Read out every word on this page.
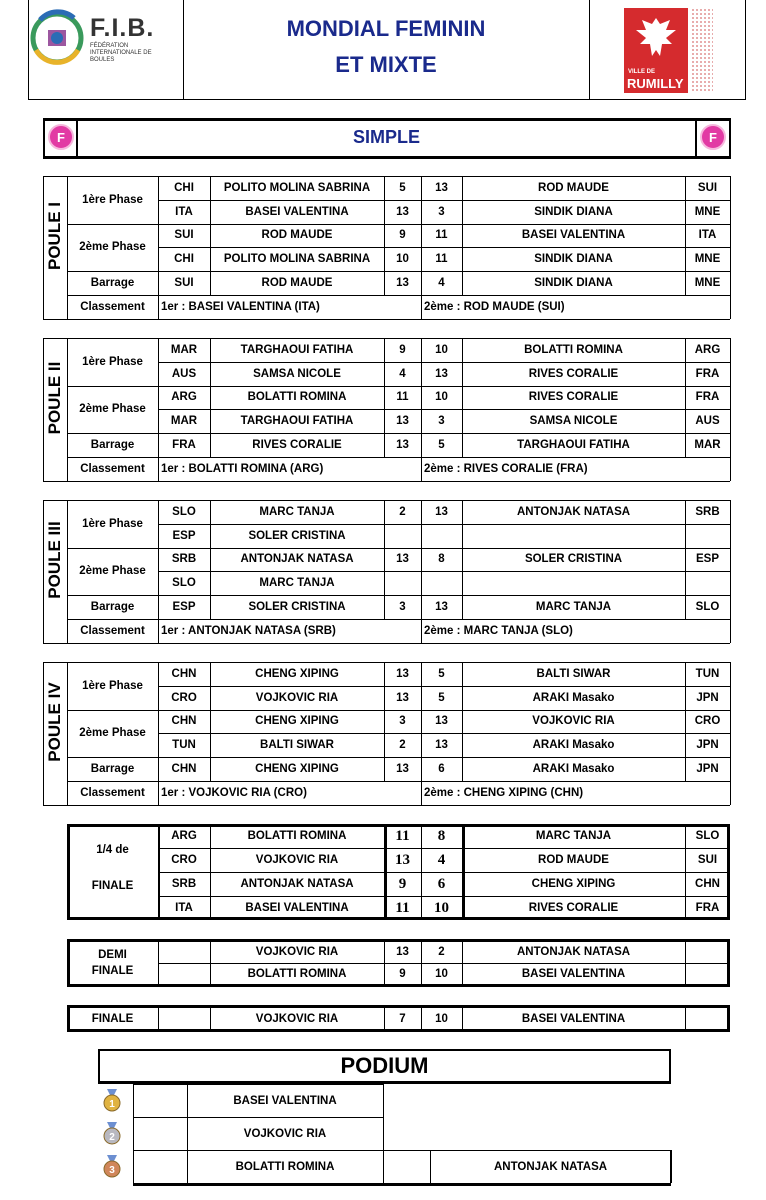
F.I.B.
FÉDÉRATION INTERNATIONALE DE BOULES
MONDIAL FEMININ
ET MIXTE	VILLE DE
RUMILLY
F	F
SIMPLE
POULE I
CHI	POLITO MOLINA SABRINA	5	13	ROD MAUDE	SUI
ITA	BASEI VALENTINA	13	3	SINDIK DIANA	MNE
SUI	ROD MAUDE	9	11	BASEI VALENTINA	ITA
CHI	POLITO MOLINA SABRINA	10	11	SINDIK DIANA	MNE
SUI	ROD MAUDE	13	4	SINDIK DIANA	MNE
1ère Phase
2ème Phase
Barrage
Classement	1er : BASEI VALENTINA (ITA)	2ème : ROD MAUDE (SUI)
POULE II
MAR	TARGHAOUI FATIHA	9	10	BOLATTI ROMINA	ARG
AUS	SAMSA NICOLE	4	13	RIVES CORALIE	FRA
ARG	BOLATTI ROMINA	11	10	RIVES CORALIE	FRA
MAR	TARGHAOUI FATIHA	13	3	SAMSA NICOLE	AUS
FRA	RIVES CORALIE	13	5	TARGHAOUI FATIHA	MAR
1ère Phase
2ème Phase
Barrage
Classement	1er : BOLATTI ROMINA (ARG)	2ème : RIVES CORALIE (FRA)
POULE III
SLO	MARC TANJA	2	13	ANTONJAK NATASA	SRB
ESP	SOLER CRISTINA
SRB	ANTONJAK NATASA	13	8	SOLER CRISTINA	ESP
SLO	MARC TANJA
ESP	SOLER CRISTINA	3	13	MARC TANJA	SLO
1ère Phase
2ème Phase
Barrage
Classement	1er : ANTONJAK NATASA (SRB)	2ème : MARC TANJA (SLO)
POULE IV
CHN	CHENG XIPING	13	5	BALTI SIWAR	TUN
CRO	VOJKOVIC RIA	13	5	ARAKI Masako	JPN
CHN	CHENG XIPING	3	13	VOJKOVIC RIA	CRO
TUN	BALTI SIWAR	2	13	ARAKI Masako	JPN
CHN	CHENG XIPING	13	6	ARAKI Masako	JPN
1ère Phase
2ème Phase
Barrage
Classement	1er : VOJKOVIC RIA (CRO)	2ème : CHENG XIPING (CHN)
ARG	BOLATTI ROMINA	11	8	MARC TANJA	SLO
CRO	VOJKOVIC RIA	13	4	ROD MAUDE	SUI
SRB	ANTONJAK NATASA	9	6	CHENG XIPING	CHN
ITA	BASEI VALENTINA	11	10	RIVES CORALIE	FRA
1/4 de
FINALE
VOJKOVIC RIA	13	2	ANTONJAK NATASA
BOLATTI ROMINA	9	10	BASEI VALENTINA
DEMI
FINALE
FINALE	VOJKOVIC RIA	7	10	BASEI VALENTINA
PODIUM
1	BASEI VALENTINA
2	VOJKOVIC RIA
3	BOLATTI ROMINA	ANTONJAK NATASA
